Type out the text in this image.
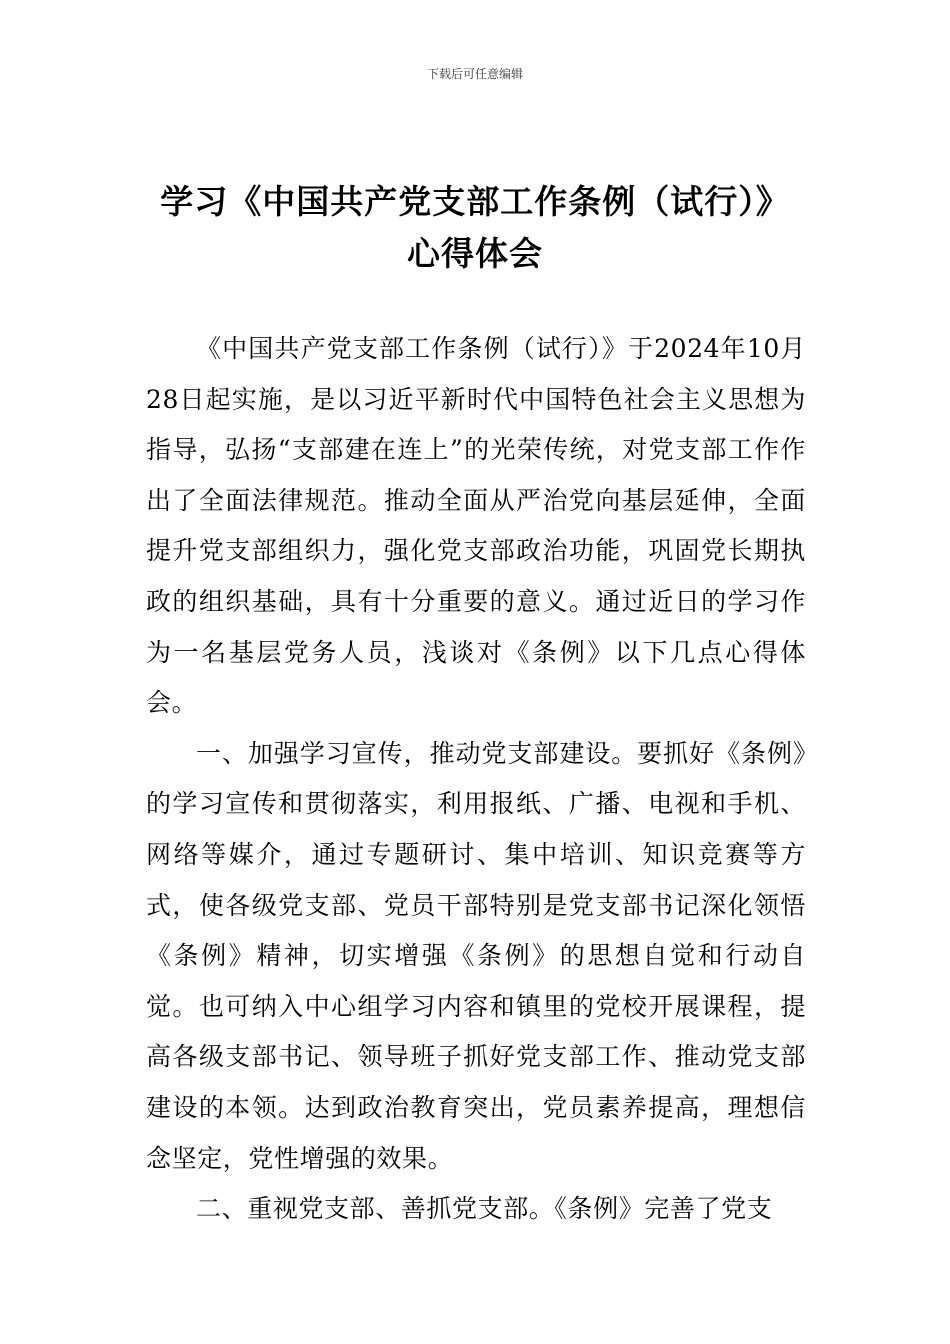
下载后可任意编辑
学习《中国共产党支部工作条例（试行）》心得体会

《中国共产党支部工作条例（试行）》于2024年10月28日起实施，是以习近平新时代中国特色社会主义思想为指导，弘扬“支部建在连上”的光荣传统，对党支部工作作出了全面法律规范。推动全面从严治党向基层延伸，全面提升党支部组织力，强化党支部政治功能，巩固党长期执政的组织基础，具有十分重要的意义。通过近日的学习作为一名基层党务人员，浅谈对《条例》以下几点心得体会。

一、加强学习宣传，推动党支部建设。要抓好《条例》的学习宣传和贯彻落实，利用报纸、广播、电视和手机、网络等媒介，通过专题研讨、集中培训、知识竞赛等方式，使各级党支部、党员干部特别是党支部书记深化领悟《条例》精神，切实增强《条例》的思想自觉和行动自觉。也可纳入中心组学习内容和镇里的党校开展课程，提高各级支部书记、领导班子抓好党支部工作、推动党支部建设的本领。达到政治教育突出，党员素养提高，理想信念坚定，党性增强的效果。

二、重视党支部、善抓党支部。《条例》完善了党支
